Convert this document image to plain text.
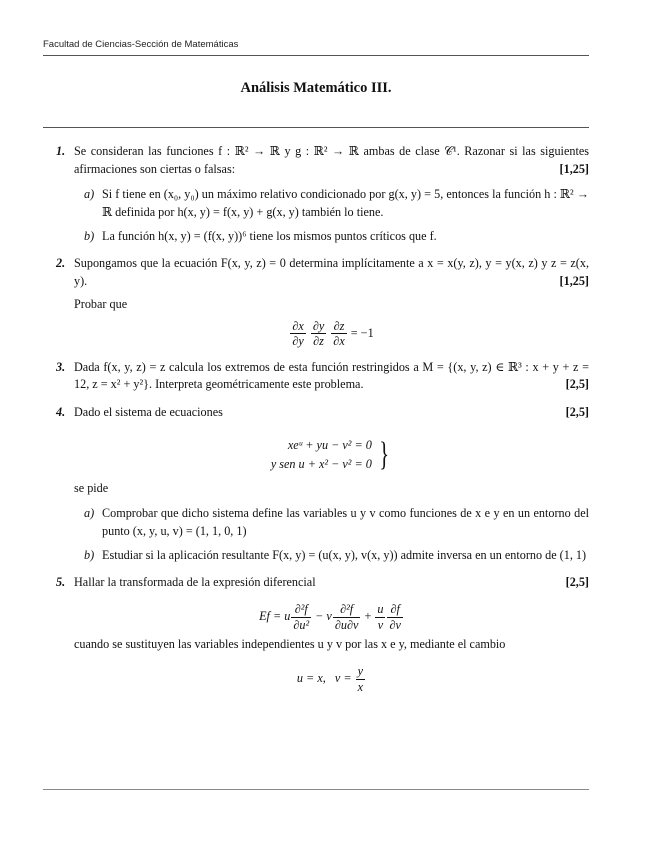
Facultad de Ciencias-Sección de Matemáticas
Análisis Matemático III.
1. Se consideran las funciones f : ℝ² → ℝ y g : ℝ² → ℝ ambas de clase 𝒞¹. Razonar si las siguientes afirmaciones son ciertas o falsas:	[1,25]

a) Si f tiene en (x₀, y₀) un máximo relativo condicionado por g(x, y) = 5, entonces la función h : ℝ² → ℝ definida por h(x, y) = f(x, y) + g(x, y) también lo tiene.
b) La función h(x, y) = (f(x, y))⁶ tiene los mismos puntos críticos que f.
2. Supongamos que la ecuación F(x, y, z) = 0 determina implícitamente a x = x(y, z), y = y(x, z) y z = z(x, y).	[1,25]

Probar que

$\frac{\partial x}{\partial y}$
$\frac{\partial y}{\partial z}$
$\frac{\partial z}{\partial x} = -1$
3. Dada f(x, y, z) = z calcula los extremos de esta función restringidos a M = {(x, y, z) ∈ ℝ³ : x + y + z = 12, z = x² + y²}. Interpreta geométricamente este problema.	[2,5]

4. Dado el sistema de ecuaciones	[2,5]

xeᵘ + yu − v² = 0
y sen u + x² − v² = 0 }

se pide

a) Comprobar que dicho sistema define las variables u y v como funciones de x e y en un entorno del punto (x, y, u, v) = (1, 1, 0, 1)
b) Estudiar si la aplicación resultante F(x, y) = (u(x, y), v(x, y)) admite inversa en un entorno de (1, 1)
5. Hallar la transformada de la expresión diferencial	[2,5]

Ef = u $\frac{\text{∂²f}}{\text{∂u²}} - v \frac{\text{∂²f}}{\partial u\partial v} + \frac{u}{v} \frac{\partial f}{\partial v}$

cuando se sustituyen las variables independientes u y v por las x e y, mediante el cambio

u = x,   $v = \frac{y}{x}$
